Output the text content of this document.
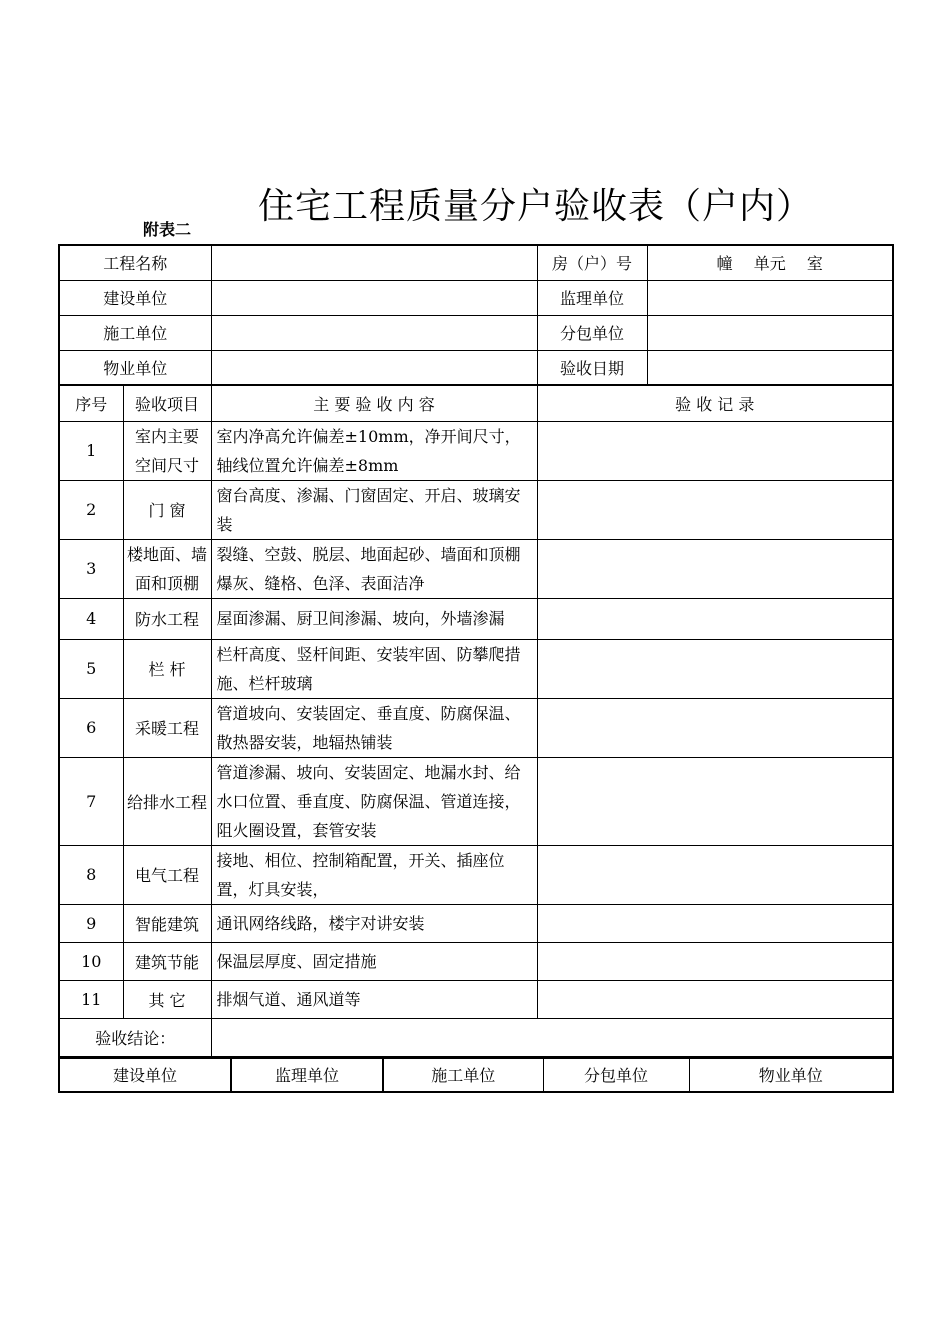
住宅工程质量分户验收表（户内）
附表二
工程名称			房（户）号	幢　 单元　 室
建设单位			监理单位	
施工单位			分包单位	
物业单位			验收日期	
序号	验收项目	主 要 验 收 内 容	验 收 记 录	
1	室内主要空间尺寸	室内净高允许偏差±10mm，净开间尺寸，轴线位置允许偏差±8mm		
2	门 窗	窗台高度、渗漏、门窗固定、开启、玻璃安装		
3	楼地面、墙面和顶棚	裂缝、空鼓、脱层、地面起砂、墙面和顶棚爆灰、缝格、色泽、表面洁净		
4	防水工程	屋面渗漏、厨卫间渗漏、坡向，外墙渗漏		
5	栏 杆	栏杆高度、竖杆间距、安装牢固、防攀爬措施、栏杆玻璃		
6	采暖工程	管道坡向、安装固定、垂直度、防腐保温、散热器安装，地辐热铺装		
7	给排水工程	管道渗漏、坡向、安装固定、地漏水封、给水口位置、垂直度、防腐保温、管道连接，阻火圈设置，套管安装		
8	电气工程	接地、相位、控制箱配置，开关、插座位置，灯具安装，		
9	智能建筑	通讯网络线路，楼宇对讲安装		
10	建筑节能	保温层厚度、固定措施		
11	其 它	排烟气道、通风道等		
验收结论：				
建设单位	监理单位	施工单位	分包单位	物业单位
